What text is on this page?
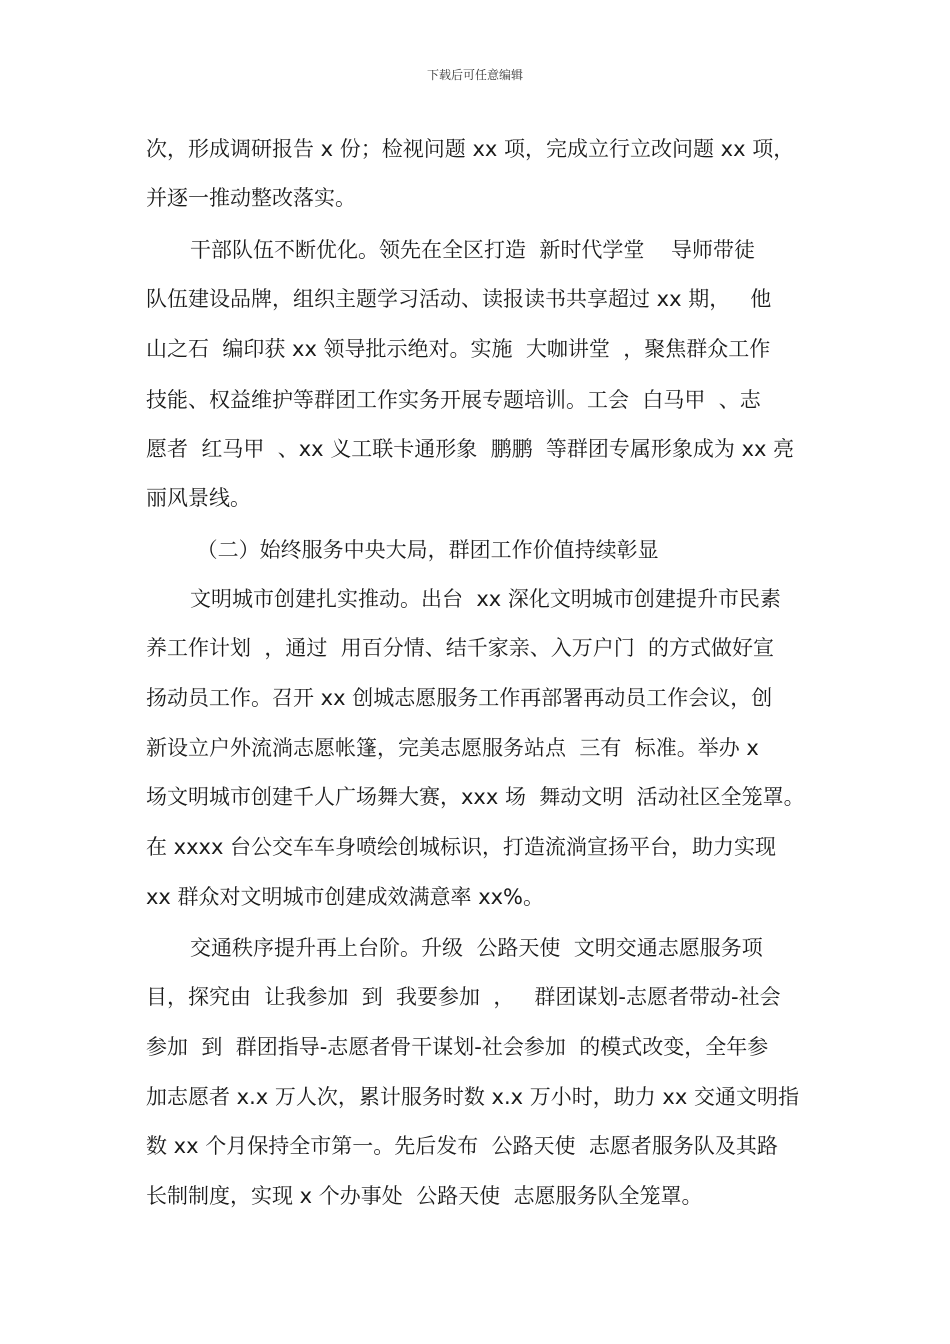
下载后可任意编辑
次，形成调研报告 x 份；检视问题 xx 项，完成立行立改问题 xx 项，
并逐一推动整改落实。
干部队伍不断优化。领先在全区打造  新时代学堂    导师带徒
队伍建设品牌，组织主题学习活动、读报读书共享超过 xx 期，   他
山之石  编印获 xx 领导批示绝对。实施  大咖讲堂  ，聚焦群众工作
技能、权益维护等群团工作实务开展专题培训。工会  白马甲  、志
愿者  红马甲  、xx 义工联卡通形象  鹏鹏  等群团专属形象成为 xx 亮
丽风景线。
（二）始终服务中央大局，群团工作价值持续彰显
文明城市创建扎实推动。出台  xx 深化文明城市创建提升市民素
养工作计划  ，通过  用百分情、结千家亲、入万户门  的方式做好宣
扬动员工作。召开 xx 创城志愿服务工作再部署再动员工作会议，创
新设立户外流淌志愿帐篷，完美志愿服务站点  三有  标准。举办 x
场文明城市创建千人广场舞大赛，xxx 场  舞动文明  活动社区全笼罩。
在 xxxx 台公交车车身喷绘创城标识，打造流淌宣扬平台，助力实现
xx 群众对文明城市创建成效满意率 xx%。
交通秩序提升再上台阶。升级  公路天使  文明交通志愿服务项
目，探究由  让我参加  到  我要参加  ，   群团谋划-志愿者带动-社会
参加  到  群团指导-志愿者骨干谋划-社会参加  的模式改变，全年参
加志愿者 x.x 万人次，累计服务时数 x.x 万小时，助力 xx 交通文明指
数 xx 个月保持全市第一。先后发布  公路天使  志愿者服务队及其路
长制制度，实现 x 个办事处  公路天使  志愿服务队全笼罩。
